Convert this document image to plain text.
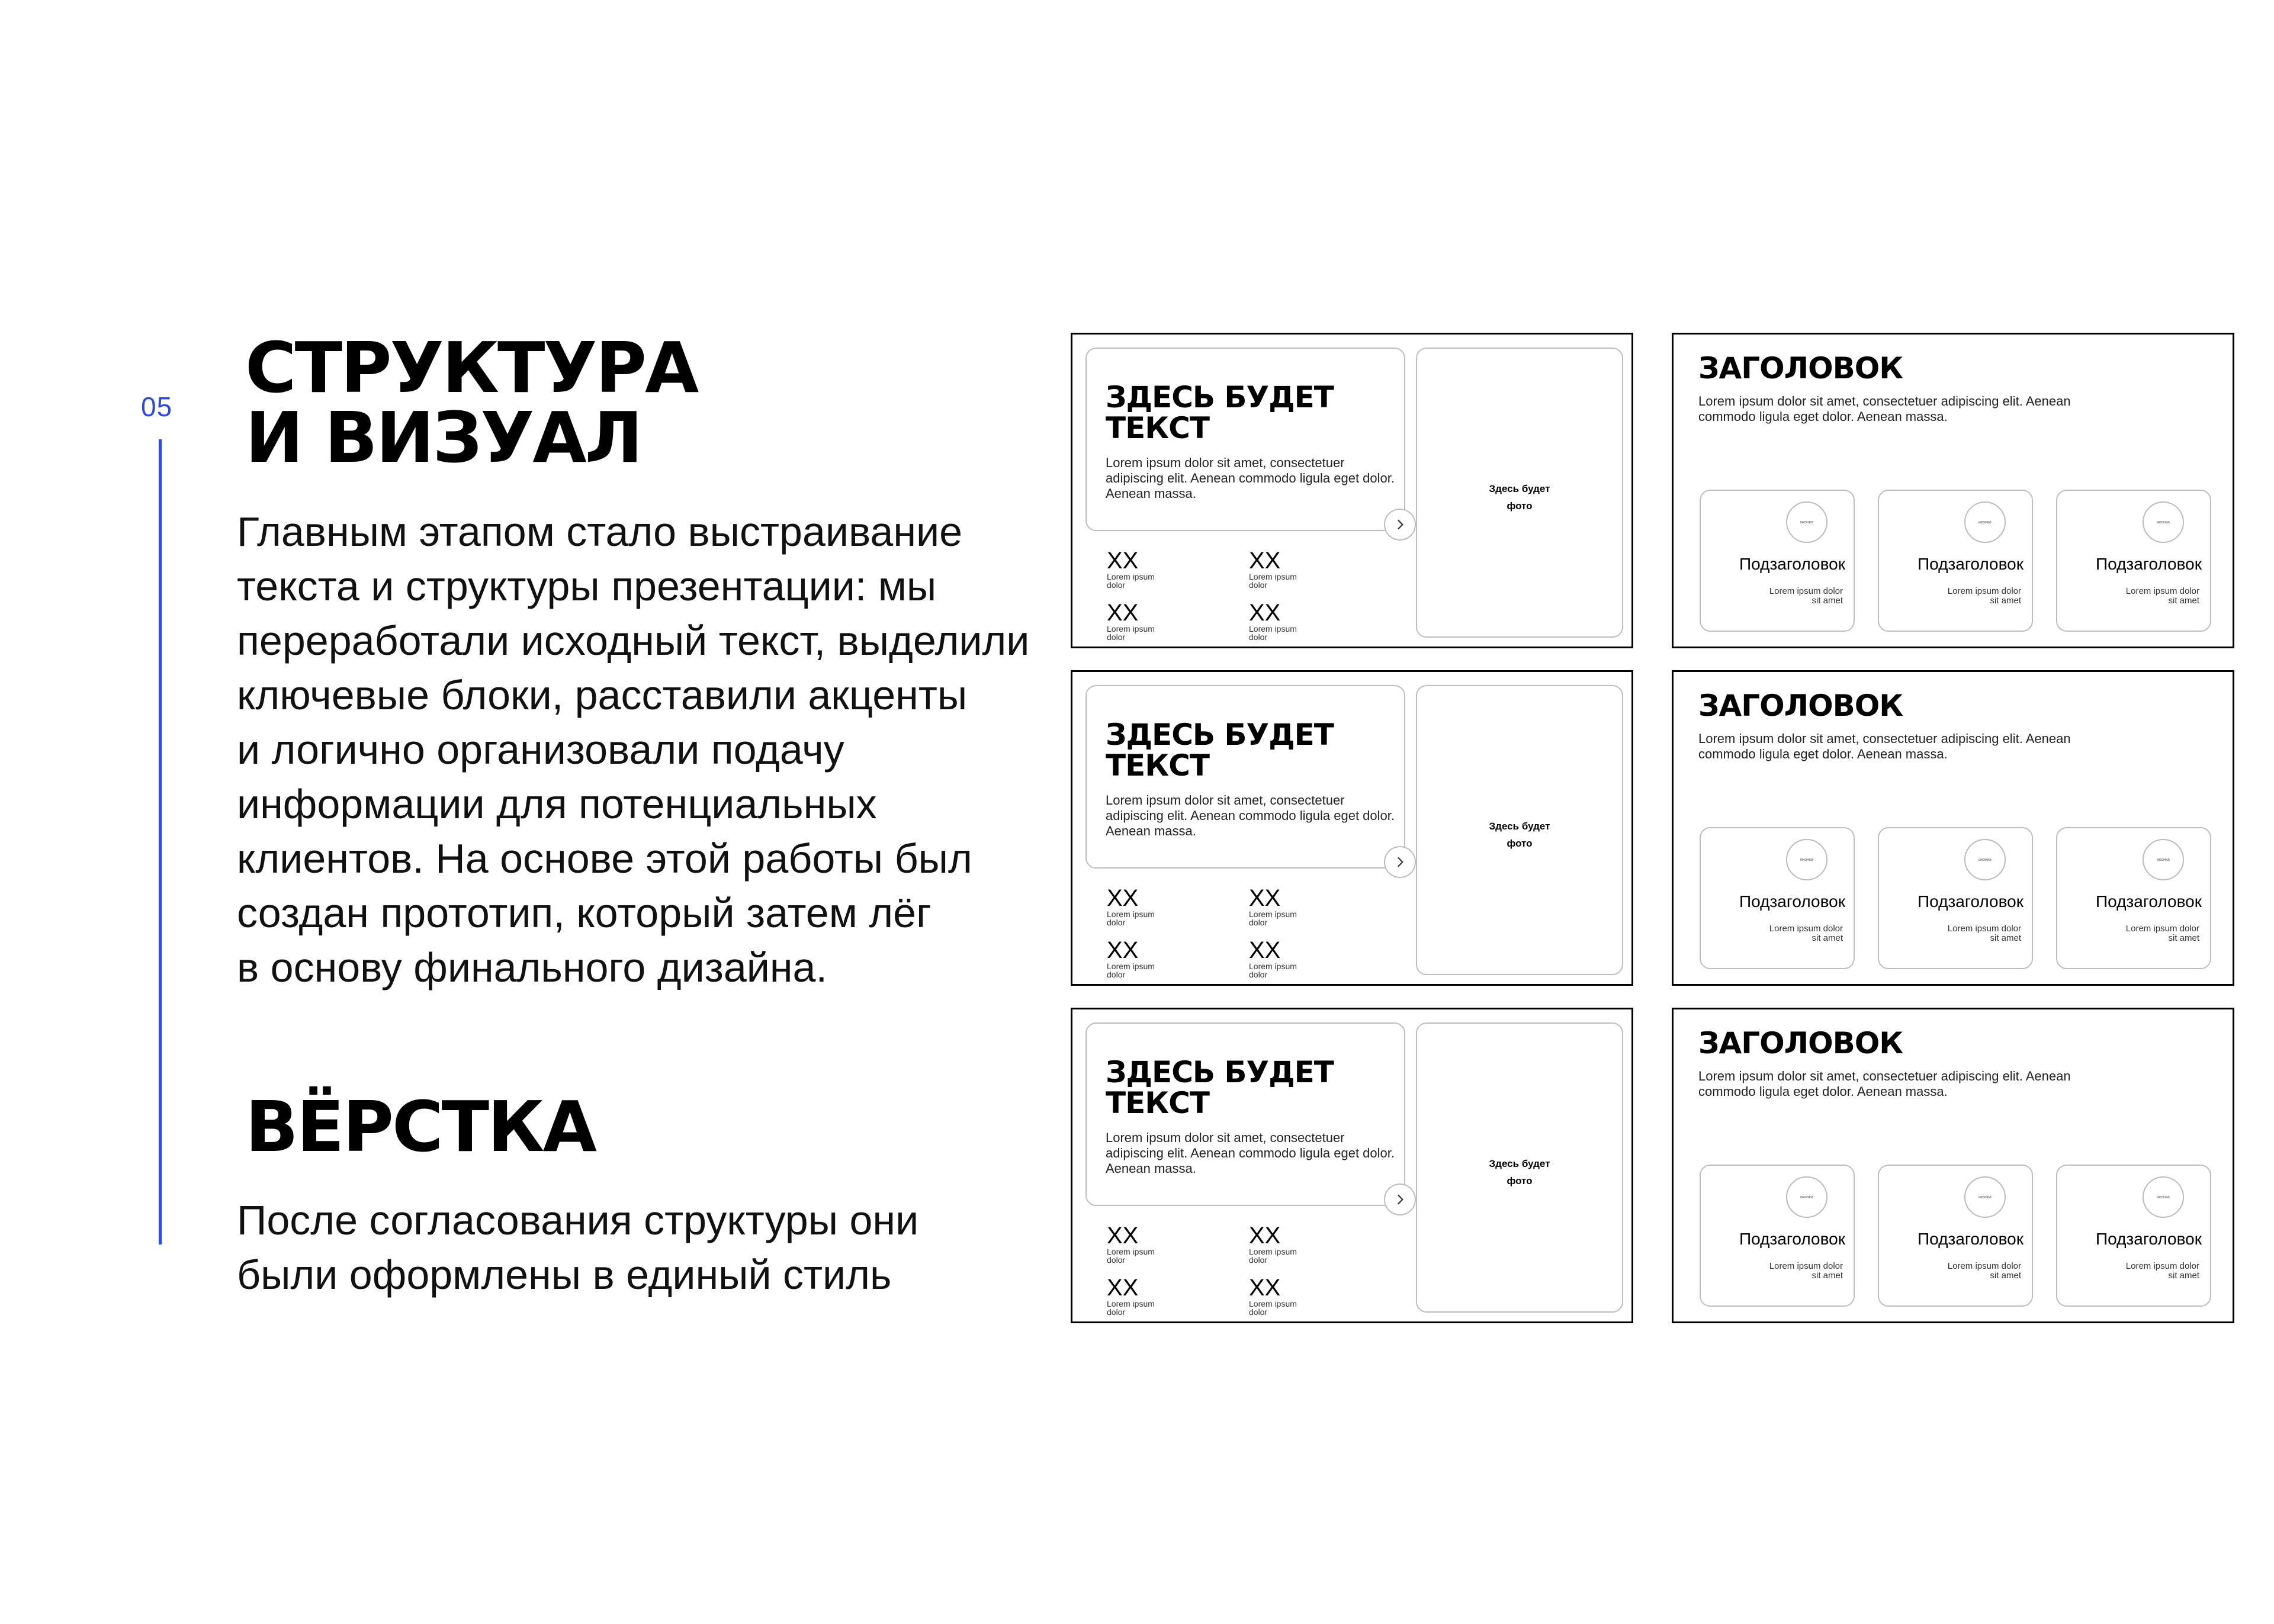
05 СТРУКТУРА
И ВИЗУАЛ
Главным этапом стало выстраивание
текста и структуры презентации: мы
переработали исходный текст, выделили
ключевые блоки, расставили акценты
и логично организовали подачу
информации для потенциальных
клиентов. На основе этой работы был
создан прототип, который затем лёг
в основу финального дизайна.
ВЁРСТКА
После согласования структуры они
были оформлены в единый стиль
ЗДЕСЬ БУДЕТ
ТЕКСТ
Lorem ipsum dolor sit amet, consectetuer adipiscing elit. Aenean commodo ligula eget dolor. Aenean massa.
XX
Lorem ipsum
dolor
XX
Lorem ipsum
dolor
XX
Lorem ipsum
dolor
XX
Lorem ipsum
dolor
Здесь будет
фото
ЗДЕСЬ БУДЕТ
ТЕКСТ
Lorem ipsum dolor sit amet, consectetuer adipiscing elit. Aenean commodo ligula eget dolor. Aenean massa.
XX
Lorem ipsum
dolor
XX
Lorem ipsum
dolor
XX
Lorem ipsum
dolor
XX
Lorem ipsum
dolor
Здесь будет
фото
ЗДЕСЬ БУДЕТ
ТЕКСТ
Lorem ipsum dolor sit amet, consectetuer adipiscing elit. Aenean commodo ligula eget dolor. Aenean massa.
XX
Lorem ipsum
dolor
XX
Lorem ipsum
dolor
XX
Lorem ipsum
dolor
XX
Lorem ipsum
dolor
Здесь будет
фото
ЗАГОЛОВОК
Lorem ipsum dolor sit amet, consectetuer adipiscing elit. Aenean commodo ligula eget dolor. Aenean massa.
иконка
Подзаголовок
Lorem ipsum dolor
sit amet
иконка
Подзаголовок
Lorem ipsum dolor
sit amet
иконка
Подзаголовок
Lorem ipsum dolor
sit amet
ЗАГОЛОВОК
Lorem ipsum dolor sit amet, consectetuer adipiscing elit. Aenean commodo ligula eget dolor. Aenean massa.
иконка
Подзаголовок
Lorem ipsum dolor
sit amet
иконка
Подзаголовок
Lorem ipsum dolor
sit amet
иконка
Подзаголовок
Lorem ipsum dolor
sit amet
ЗАГОЛОВОК
Lorem ipsum dolor sit amet, consectetuer adipiscing elit. Aenean commodo ligula eget dolor. Aenean massa.
иконка
Подзаголовок
Lorem ipsum dolor
sit amet
иконка
Подзаголовок
Lorem ipsum dolor
sit amet
иконка
Подзаголовок
Lorem ipsum dolor
sit amet
